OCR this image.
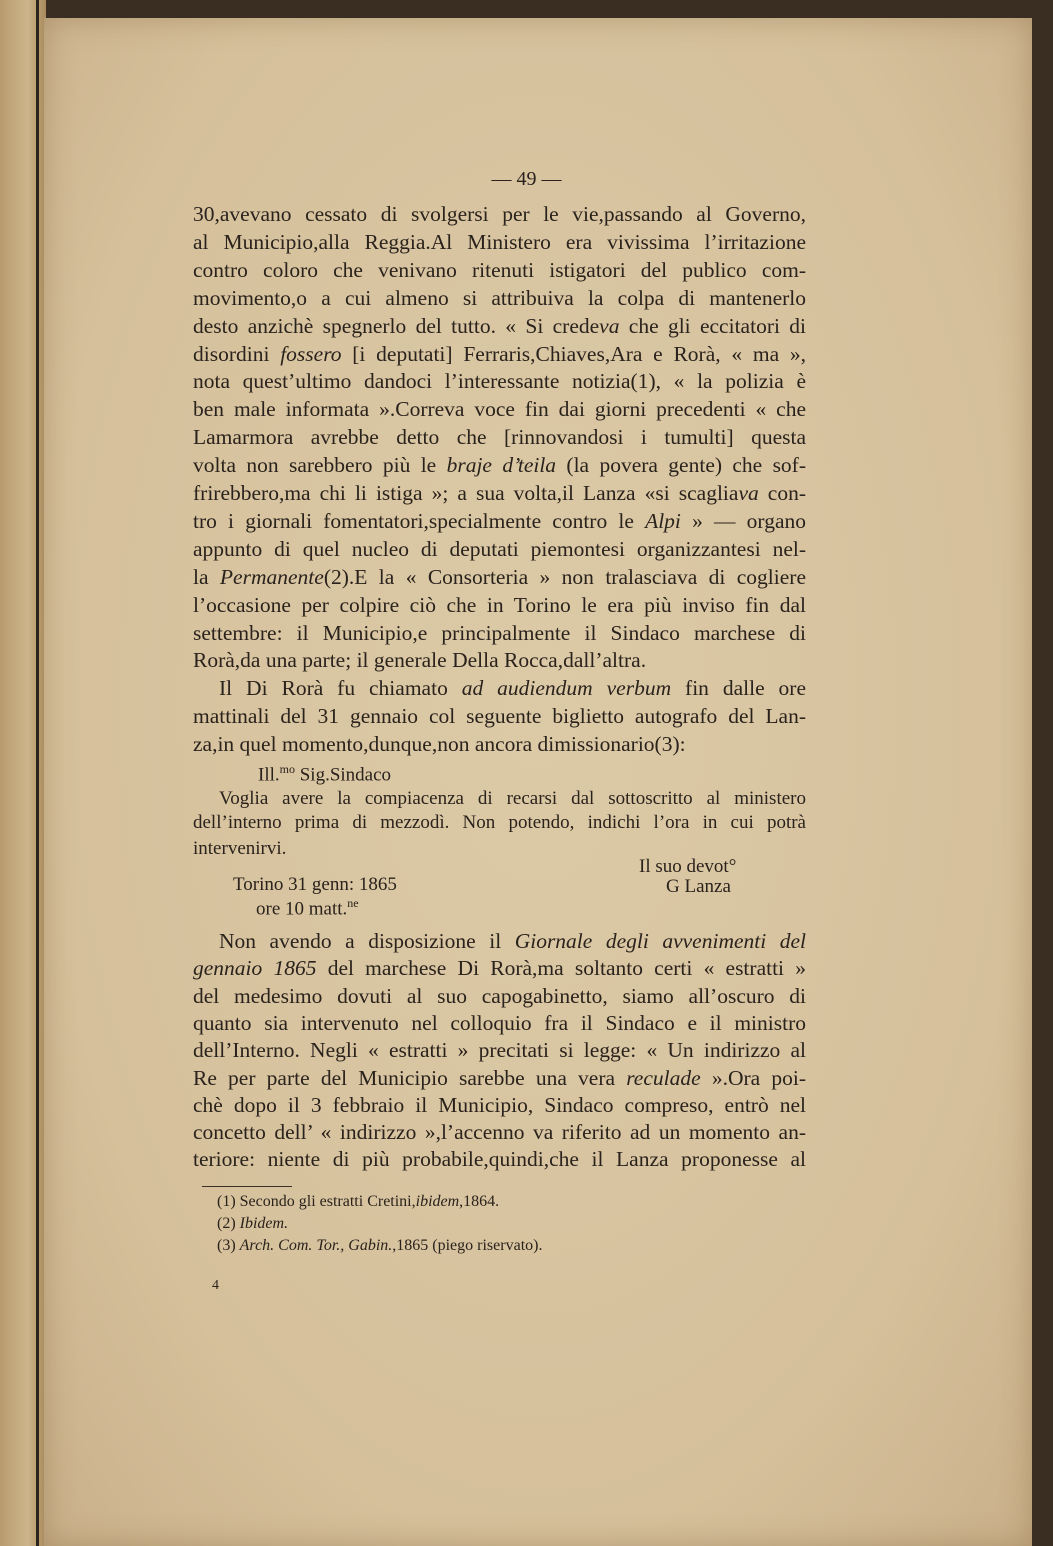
— 49 —
30,avevano cessato di svolgersi per le vie,passando al Governo,
al Municipio,alla Reggia.Al Ministero era vivissima l’irritazione
contro coloro che venivano ritenuti istigatori del publico com-
movimento,o a cui almeno si attribuiva la colpa di mantenerlo
desto anzichè spegnerlo del tutto. « Si credeva che gli eccitatori di
disordini fossero [i deputati] Ferraris,Chiaves,Ara e Rorà, « ma »,
nota quest’ultimo dandoci l’interessante notizia(1), « la polizia è
ben male informata ».Correva voce fin dai giorni precedenti « che
Lamarmora avrebbe detto che [rinnovandosi i tumulti] questa
volta non sarebbero più le braje d’teila (la povera gente) che sof-
frirebbero,ma chi li istiga »; a sua volta,il Lanza «si scagliava con-
tro i giornali fomentatori,specialmente contro le Alpi » — organo
appunto di quel nucleo di deputati piemontesi organizzantesi nel-
la Permanente(2).E la « Consorteria » non tralasciava di cogliere
l’occasione per colpire ciò che in Torino le era più inviso fin dal
settembre: il Municipio,e principalmente il Sindaco marchese di
Rorà,da una parte; il generale Della Rocca,dall’altra.
Il Di Rorà fu chiamato ad audiendum verbum fin dalle ore
mattinali del 31 gennaio col seguente biglietto autografo del Lan-
za,in quel momento,dunque,non ancora dimissionario(3):
Ill.$^{mo}$ Sig.Sindaco
Voglia avere la compiacenza di recarsi dal sottoscritto al ministero
dell’interno prima di mezzodì. Non potendo, indichi l’ora in cui potrà
intervenirvi.
Il suo devot°
G Lanza
Torino 31 genn: 1865
ore 10 matt.$^{ne}$
Non avendo a disposizione il Giornale degli avvenimenti del
gennaio 1865 del marchese Di Rorà,ma soltanto certi « estratti »
del medesimo dovuti al suo capogabinetto, siamo all’oscuro di
quanto sia intervenuto nel colloquio fra il Sindaco e il ministro
dell’Interno. Negli « estratti » precitati si legge: « Un indirizzo al
Re per parte del Municipio sarebbe una vera reculade ».Ora poi-
chè dopo il 3 febbraio il Municipio, Sindaco compreso, entrò nel
concetto dell’ « indirizzo »,l’accenno va riferito ad un momento an-
teriore: niente di più probabile,quindi,che il Lanza proponesse al
(1) Secondo gli estratti Cretini,ibidem,1864.
(2) Ibidem.
(3) Arch. Com. Tor., Gabin.,1865 (piego riservato).
4
